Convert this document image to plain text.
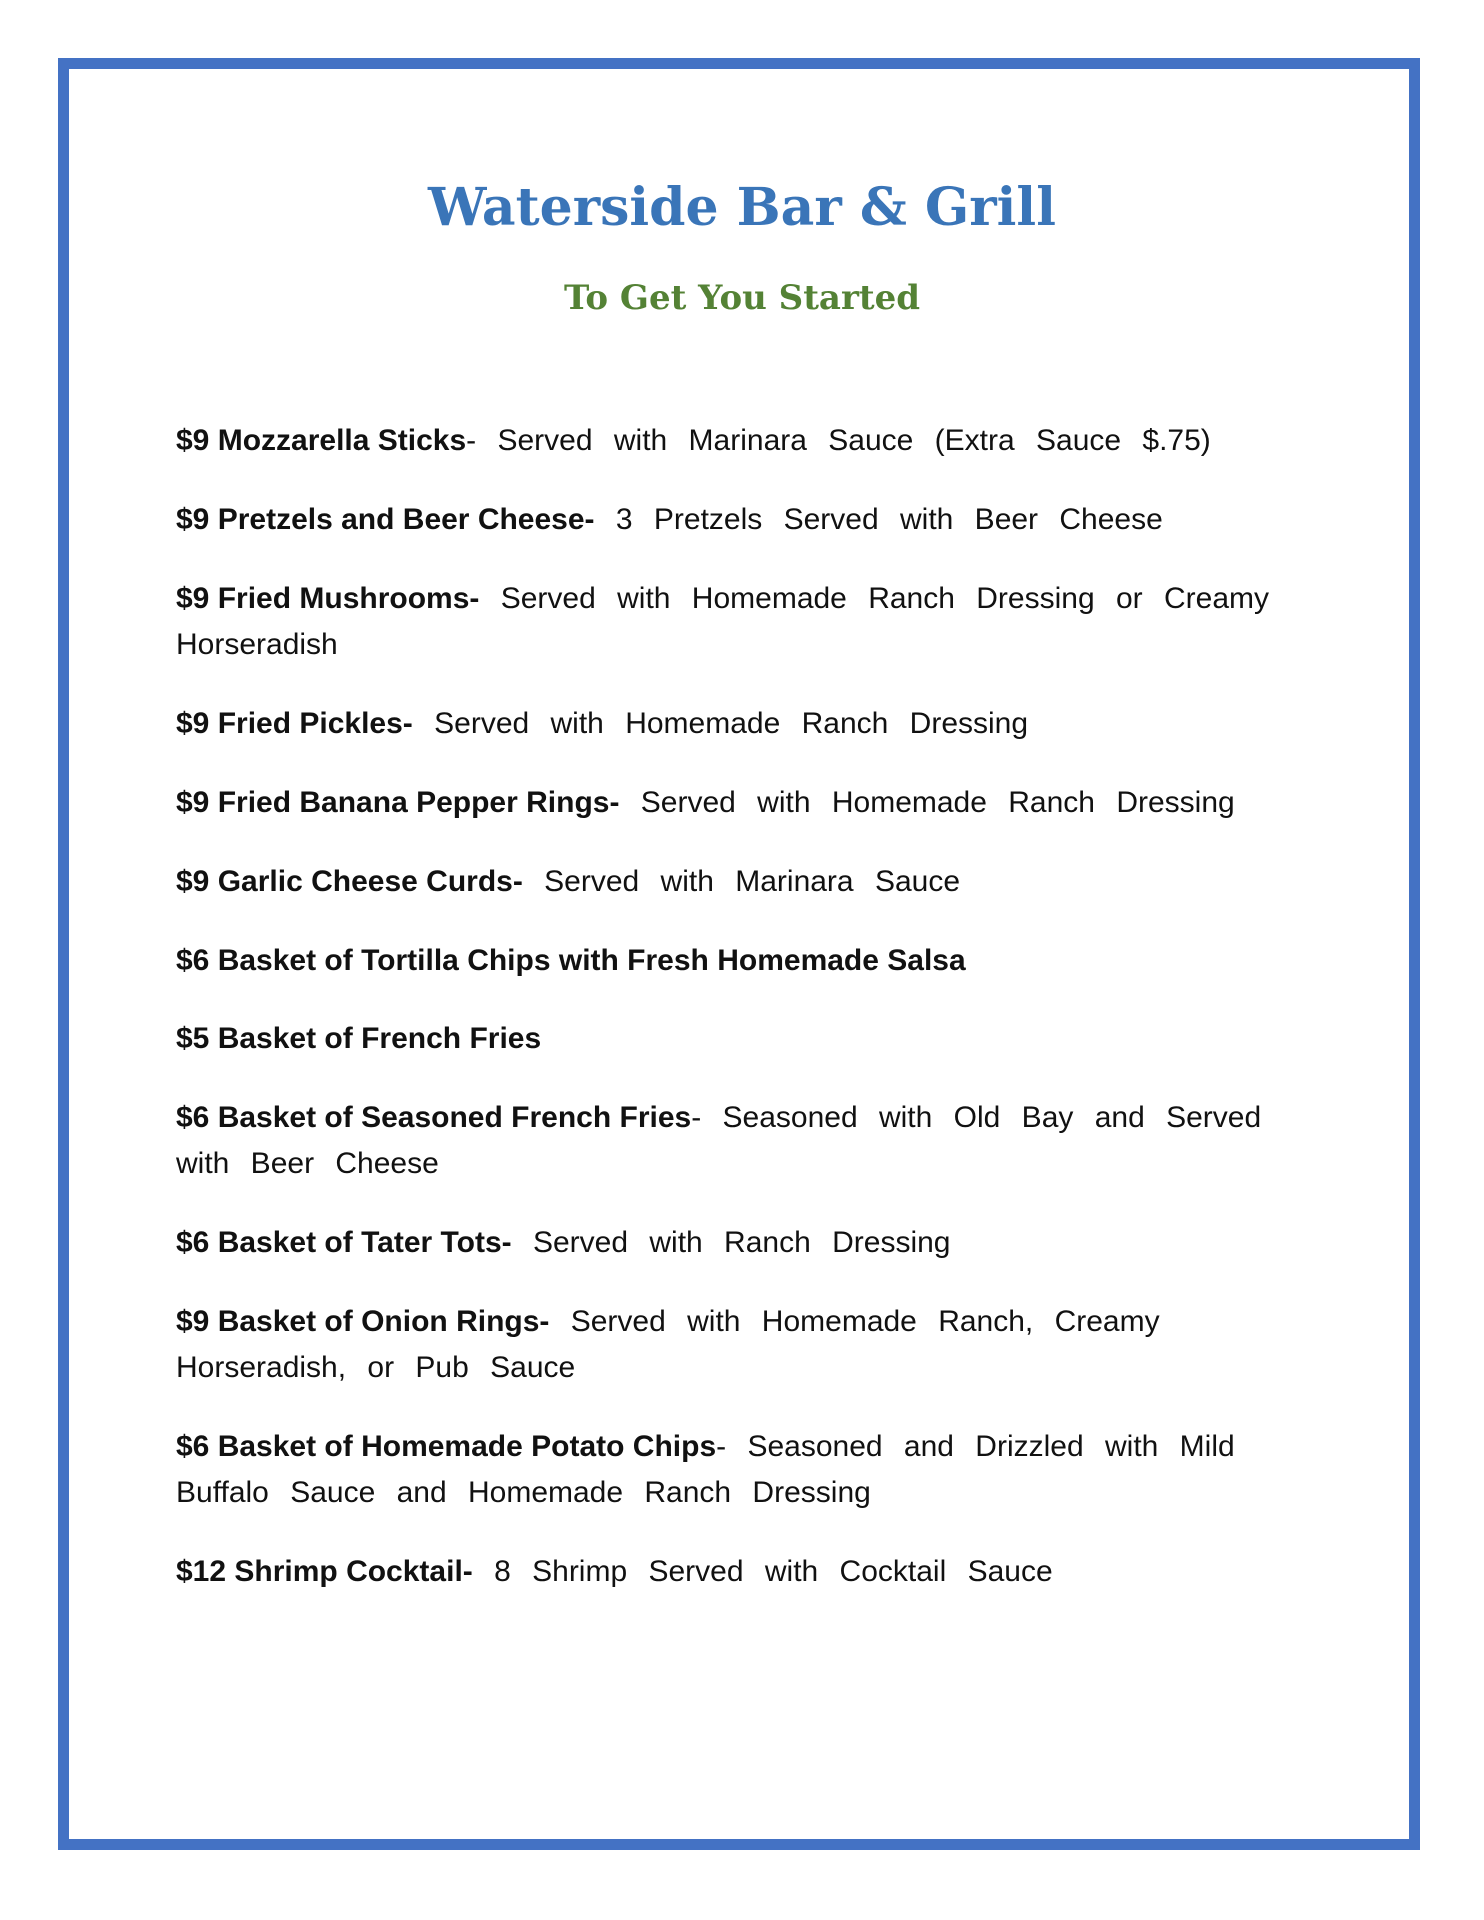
Waterside Bar & Grill
To Get You Started

$9 Mozzarella Sticks- Served with Marinara Sauce (Extra Sauce $.75)

$9 Pretzels and Beer Cheese- 3 Pretzels Served with Beer Cheese

$9 Fried Mushrooms- Served with Homemade Ranch Dressing or Creamy Horseradish

$9 Fried Pickles- Served with Homemade Ranch Dressing

$9 Fried Banana Pepper Rings- Served with Homemade Ranch Dressing

$9 Garlic Cheese Curds- Served with Marinara Sauce

$6 Basket of Tortilla Chips with Fresh Homemade Salsa

$5 Basket of French Fries

$6 Basket of Seasoned French Fries- Seasoned with Old Bay and Served with Beer Cheese

$6 Basket of Tater Tots- Served with Ranch Dressing

$9 Basket of Onion Rings- Served with Homemade Ranch, Creamy Horseradish, or Pub Sauce

$6 Basket of Homemade Potato Chips- Seasoned and Drizzled with Mild Buffalo Sauce and Homemade Ranch Dressing

$12 Shrimp Cocktail- 8 Shrimp Served with Cocktail Sauce
